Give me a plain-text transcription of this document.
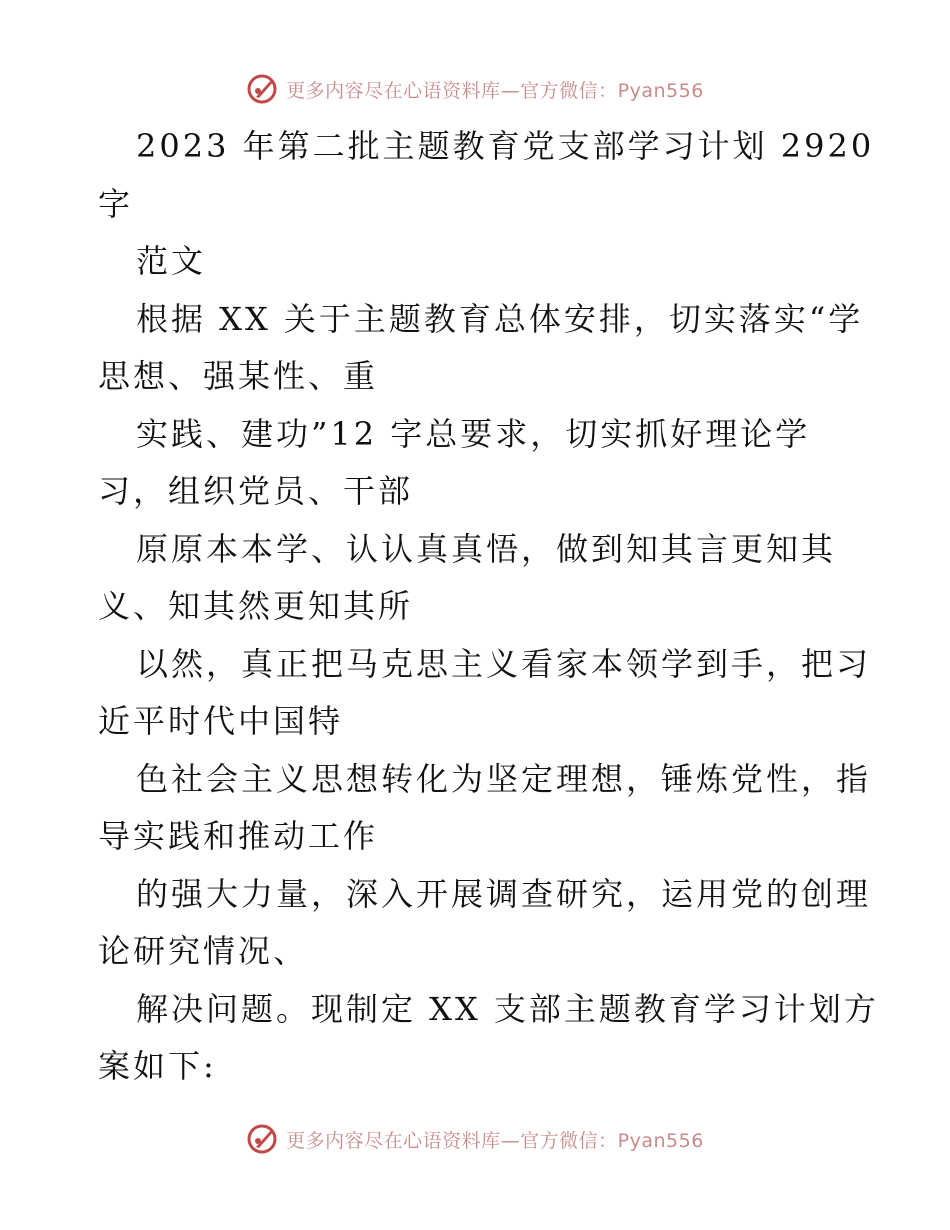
更多内容尽在心语资料库—官方微信：Pyan556
2023 年第二批主题教育党支部学习计划 2920
字
范文
根据 XX 关于主题教育总体安排，切实落实“学
思想、强某性、重
实践、建功”12 字总要求，切实抓好理论学
习，组织党员、干部
原原本本学、认认真真悟，做到知其言更知其
义、知其然更知其所
以然，真正把马克思主义看家本领学到手，把习
近平时代中国特
色社会主义思想转化为坚定理想，锤炼党性，指
导实践和推动工作
的强大力量，深入开展调查研究，运用党的创理
论研究情况、
解决问题。现制定 XX 支部主题教育学习计划方
案如下:
更多内容尽在心语资料库—官方微信：Pyan556
